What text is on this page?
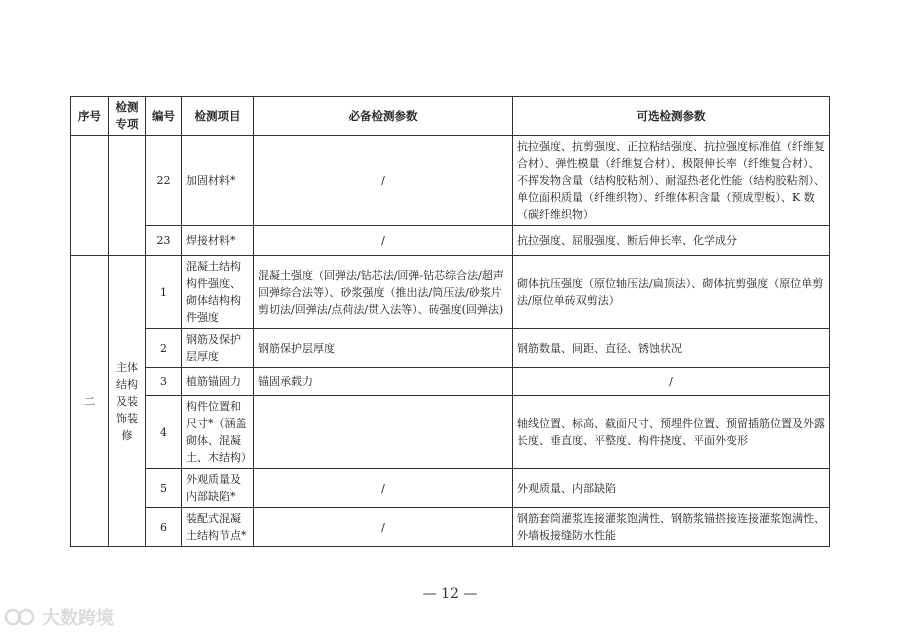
序号	检测专项	编号	检测项目	必备检测参数	可选检测参数
		22	加固材料*	/	抗拉强度、抗剪强度、正拉粘结强度、抗拉强度标准值（纤维复合材）、弹性模量（纤维复合材）、极限伸长率（纤维复合材）、不挥发物含量（结构胶粘剂）、耐湿热老化性能（结构胶粘剂）、单位面积质量（纤维织物）、纤维体积含量（预成型板）、K 数（碳纤维织物）
		23	焊接材料*	/	抗拉强度、屈服强度、断后伸长率、化学成分
二	主体结构及装饰装修	1	混凝土结构构件强度、砌体结构构件强度	混凝土强度（回弹法/钻芯法/回弹-钻芯综合法/超声回弹综合法等）、砂浆强度（推出法/筒压法/砂浆片剪切法/回弹法/点荷法/贯入法等）、砖强度(回弹法)	砌体抗压强度（原位轴压法/扁顶法）、砌体抗剪强度（原位单剪法/原位单砖双剪法）
		2	钢筋及保护层厚度	钢筋保护层厚度	钢筋数量、间距、直径、锈蚀状况
		3	植筋锚固力	锚固承载力	/
		4	构件位置和尺寸*（涵盖砌体、混凝土、木结构）		轴线位置、标高、截面尺寸、预埋件位置、预留插筋位置及外露长度、垂直度、平整度、构件挠度、平面外变形
		5	外观质量及内部缺陷*	/	外观质量、内部缺陷
		6	装配式混凝土结构节点*	/	钢筋套筒灌浆连接灌浆饱满性、钢筋浆锚搭接连接灌浆饱满性、外墙板接缝防水性能
— 12 —
大数跨境
